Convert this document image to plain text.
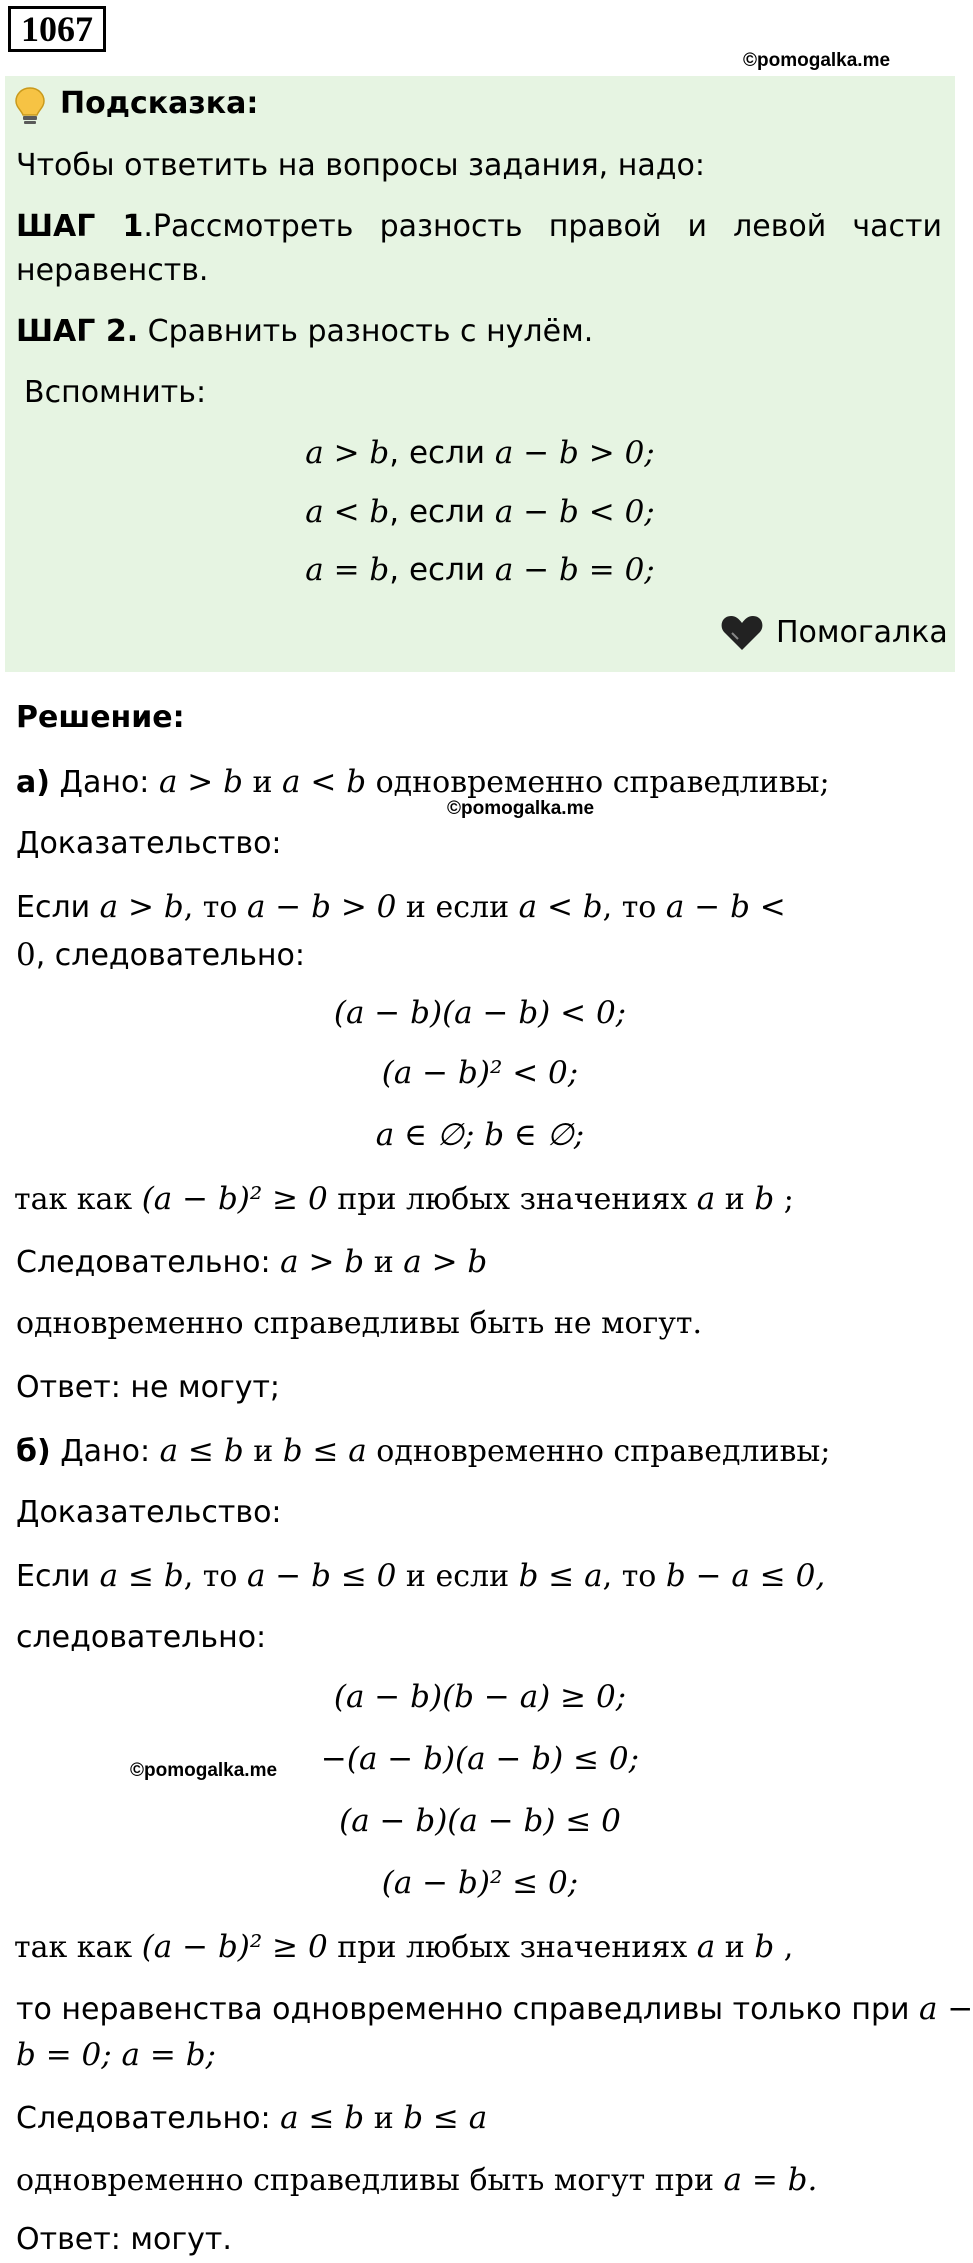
1067
©pomogalka.me
Подсказка:
Чтобы ответить на вопросы задания, надо:
ШАГ 1.Рассмотреть разность правой и левой части
неравенств.
ШАГ 2. Сравнить разность с нулём.
Вспомнить:
a > b, если a − b > 0;
a < b, если a − b < 0;
a = b, если a − b = 0;
Помогалка
Решение:
а) Дано: a > b и a < b одновременно справедливы;
©pomogalka.me
Доказательство:
Если a > b, то a − b > 0 и если a < b, то a − b <
0, следовательно:
(a − b)(a − b) < 0;
(a − b)² < 0;
a ∈ ∅; b ∈ ∅;
так как (a − b)² ≥ 0 при любых значениях a и b ;
Следовательно: a > b и a > b
одновременно справедливы быть не могут.
Ответ: не могут;
б) Дано: a ≤ b и b ≤ a одновременно справедливы;
Доказательство:
Если a ≤ b, то a − b ≤ 0 и если b ≤ a, то b − a ≤ 0,
следовательно:
(a − b)(b − a) ≥ 0;
©pomogalka.me	−(a − b)(a − b) ≤ 0;
(a − b)(a − b) ≤ 0
(a − b)² ≤ 0;
так как (a − b)² ≥ 0 при любых значениях a и b ,
то неравенства одновременно справедливы только при a −
b = 0; a = b;
Следовательно: a ≤ b и b ≤ a
одновременно справедливы быть могут при a = b.
Ответ: могут.
